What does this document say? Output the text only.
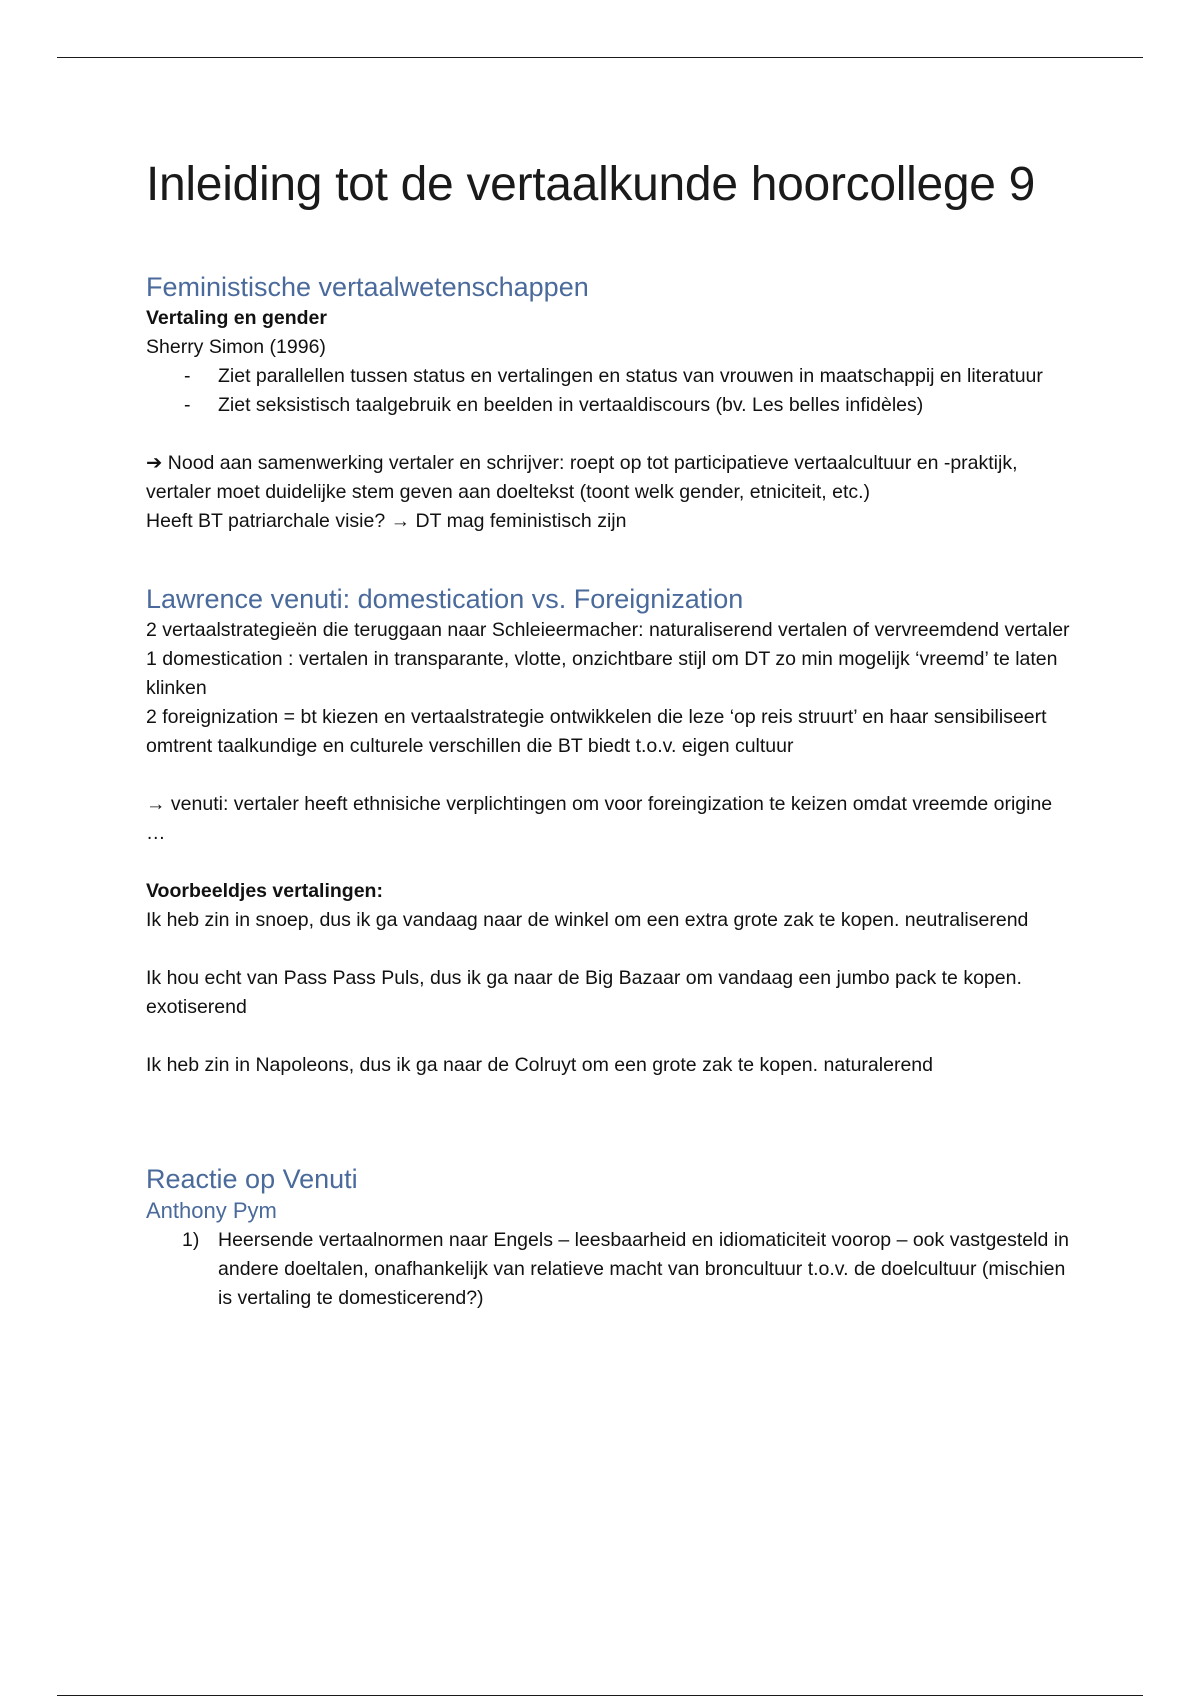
Inleiding tot de vertaalkunde hoorcollege 9
Feministische vertaalwetenschappen

Vertaling en gender

Sherry Simon (1996)

- Ziet parallellen tussen status en vertalingen en status van vrouwen in maatschappij en literatuur
- Ziet seksistisch taalgebruik en beelden in vertaaldiscours (bv. Les belles infidèles)

➔ Nood aan samenwerking vertaler en schrijver: roept op tot participatieve vertaalcultuur en -praktijk, vertaler moet duidelijke stem geven aan doeltekst (toont welk gender, etniciteit, etc.)

Heeft BT patriarchale visie? → DT mag feministisch zijn

Lawrence venuti: domestication vs. Foreignization

2 vertaalstrategieën die teruggaan naar Schleieermacher: naturaliserend vertalen of vervreemdend vertaler

1 domestication : vertalen in transparante, vlotte, onzichtbare stijl om DT zo min mogelijk ‘vreemd’ te laten klinken

2 foreignization = bt kiezen en vertaalstrategie ontwikkelen die leze ‘op reis struurt’ en haar sensibiliseert omtrent taalkundige en culturele verschillen die BT biedt t.o.v. eigen cultuur

→ venuti: vertaler heeft ethnisiche verplichtingen om voor foreingization te keizen omdat vreemde origine …

Voorbeeldjes vertalingen:

Ik heb zin in snoep, dus ik ga vandaag naar de winkel om een extra grote zak te kopen. neutraliserend

Ik hou echt van Pass Pass Puls, dus ik ga naar de Big Bazaar om vandaag een jumbo pack te kopen. exotiserend

Ik heb zin in Napoleons, dus ik ga naar de Colruyt om een grote zak te kopen. naturalerend

Reactie op Venuti
Anthony Pym
1) Heersende vertaalnormen naar Engels – leesbaarheid en idiomaticiteit voorop – ook vastgesteld in andere doeltalen, onafhankelijk van relatieve macht van broncultuur t.o.v. de doelcultuur (mischien is vertaling te domesticerend?)
